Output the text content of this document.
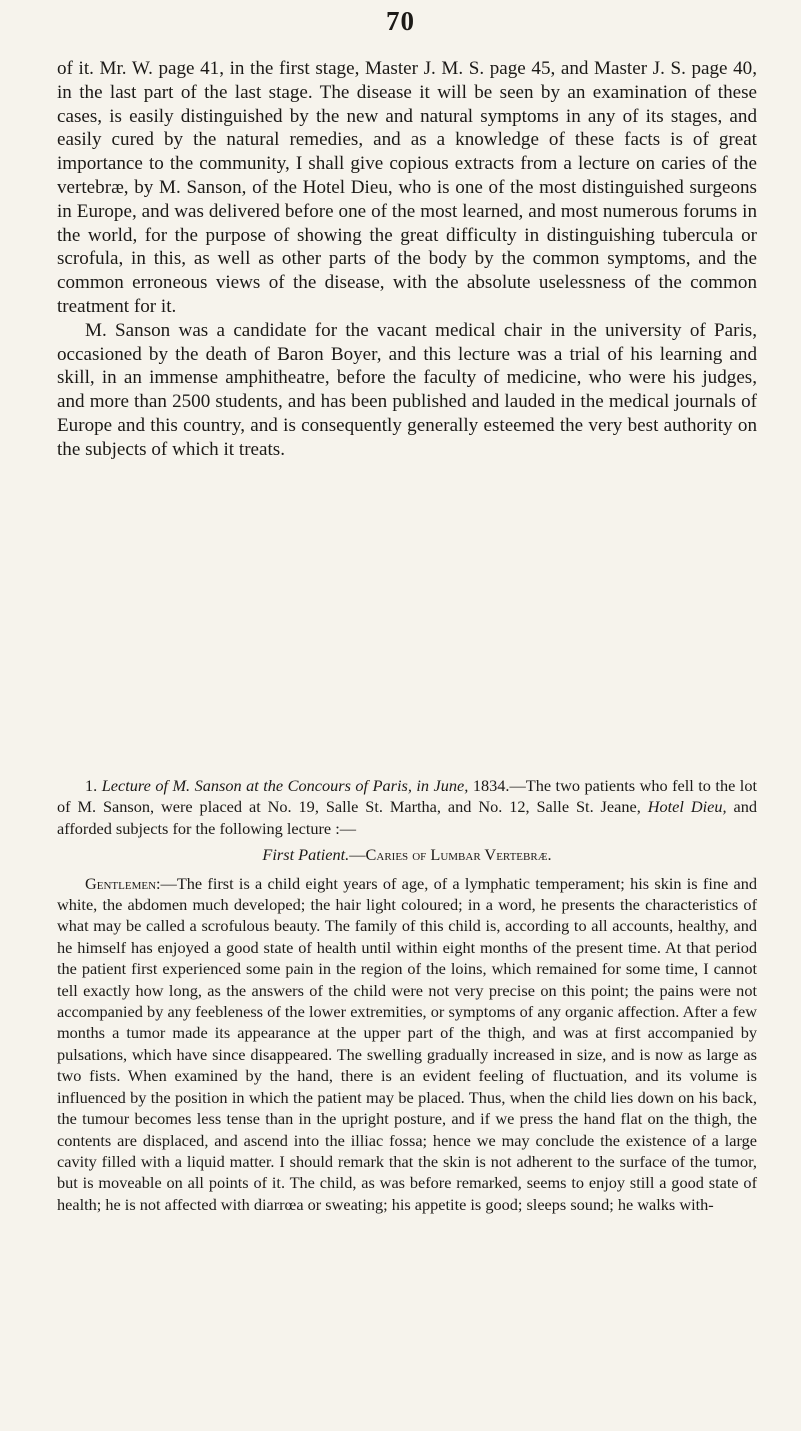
70

of it. Mr. W. page 41, in the first stage, Master J. M. S. page 45, and Master J. S. page 40, in the last part of the last stage. The disease it will be seen by an examination of these cases, is easily distinguished by the new and natural symptoms in any of its stages, and easily cured by the natural remedies, and as a knowledge of these facts is of great importance to the community, I shall give copious extracts from a lecture on caries of the vertebræ, by M. Sanson, of the Hotel Dieu, who is one of the most distinguished surgeons in Europe, and was delivered before one of the most learned, and most numerous forums in the world, for the purpose of showing the great difficulty in distinguishing tubercula or scrofula, in this, as well as other parts of the body by the common symptoms, and the common erroneous views of the disease, with the absolute uselessness of the common treatment for it.

M. Sanson was a candidate for the vacant medical chair in the university of Paris, occasioned by the death of Baron Boyer, and this lecture was a trial of his learning and skill, in an immense amphitheatre, before the faculty of medicine, who were his judges, and more than 2500 students, and has been published and lauded in the medical journals of Europe and this country, and is consequently generally esteemed the very best authority on the subjects of which it treats.

1. Lecture of M. Sanson at the Concours of Paris, in June, 1834.—The two patients who fell to the lot of M. Sanson, were placed at No. 19, Salle St. Martha, and No. 12, Salle St. Jeane, Hotel Dieu, and afforded subjects for the following lecture :—

First Patient.—Caries of Lumbar Vertebræ.

Gentlemen:—The first is a child eight years of age, of a lymphatic temperament; his skin is fine and white, the abdomen much developed; the hair light coloured; in a word, he presents the characteristics of what may be called a scrofulous beauty. The family of this child is, according to all accounts, healthy, and he himself has enjoyed a good state of health until within eight months of the present time. At that period the patient first experienced some pain in the region of the loins, which remained for some time, I cannot tell exactly how long, as the answers of the child were not very precise on this point; the pains were not accompanied by any feebleness of the lower extremities, or symptoms of any organic affection. After a few months a tumor made its appearance at the upper part of the thigh, and was at first accompanied by pulsations, which have since disappeared. The swelling gradually increased in size, and is now as large as two fists. When examined by the hand, there is an evident feeling of fluctuation, and its volume is influenced by the position in which the patient may be placed. Thus, when the child lies down on his back, the tumour becomes less tense than in the upright posture, and if we press the hand flat on the thigh, the contents are displaced, and ascend into the illiac fossa; hence we may conclude the existence of a large cavity filled with a liquid matter. I should remark that the skin is not adherent to the surface of the tumor, but is moveable on all points of it. The child, as was before remarked, seems to enjoy still a good state of health; he is not affected with diarrœa or sweating; his appetite is good; sleeps sound; he walks with-
